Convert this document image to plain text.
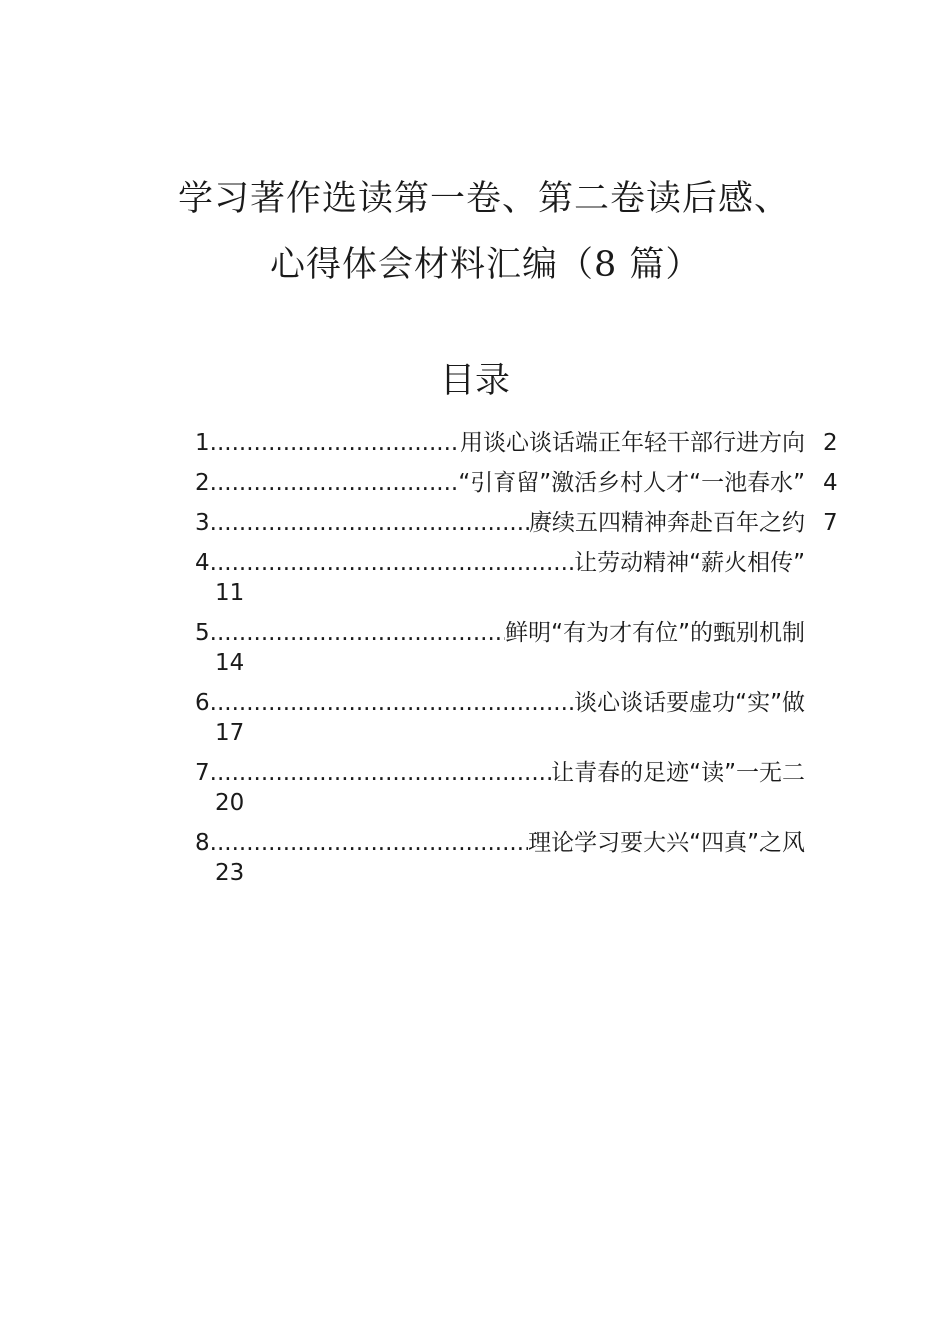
学习著作选读第一卷、第二卷读后感、
心得体会材料汇编（8 篇）
目录
1 .....	用谈心谈话端正年轻干部行进方向 2
2 .....	“引育留”激活乡村人才“一池春水” 4
3 .....	赓续五四精神奔赴百年之约 7
4 .....	让劳动精神“薪火相传”
11
5 .....	鲜明“有为才有位”的甄别机制
14
6 .....	谈心谈话要虚功“实”做
17
7 .....	让青春的足迹“读”一无二
20
8 .....	理论学习要大兴“四真”之风
23
